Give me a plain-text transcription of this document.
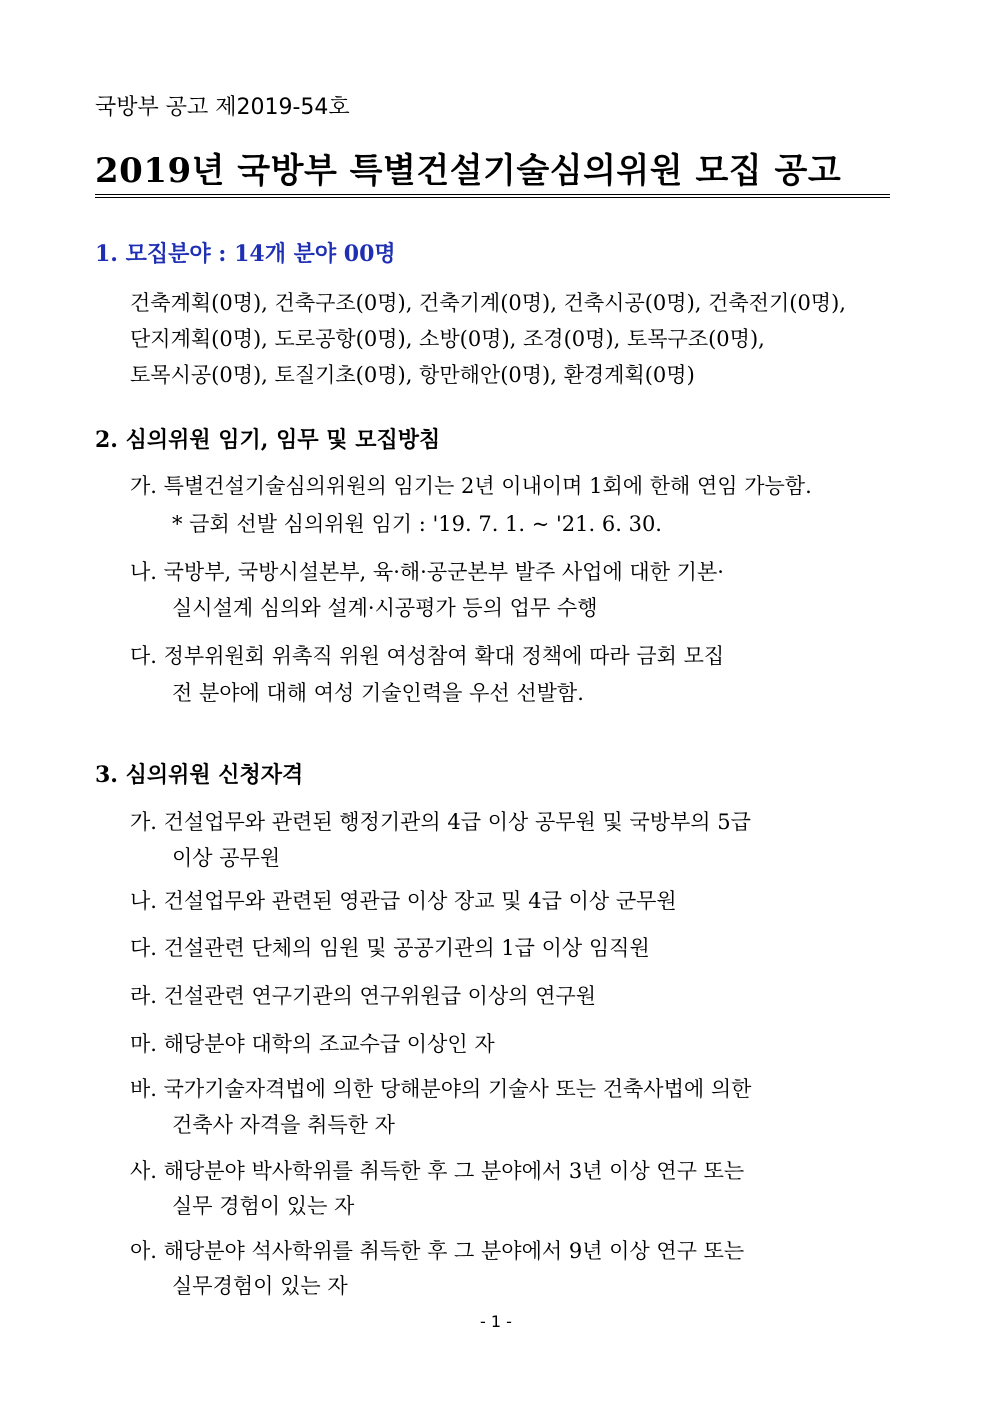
국방부 공고 제2019-54호
2019년 국방부 특별건설기술심의위원 모집 공고
1. 모집분야 : 14개 분야 00명
건축계획(0명), 건축구조(0명), 건축기계(0명), 건축시공(0명), 건축전기(0명),
단지계획(0명), 도로공항(0명), 소방(0명), 조경(0명), 토목구조(0명),
토목시공(0명), 토질기초(0명), 항만해안(0명), 환경계획(0명)
2. 심의위원 임기, 임무 및 모집방침
가. 특별건설기술심의위원의 임기는 2년 이내이며 1회에 한해 연임 가능함.
* 금회 선발 심의위원 임기 : '19. 7. 1. ~ '21. 6. 30.
나. 국방부, 국방시설본부, 육·해·공군본부 발주 사업에 대한 기본·
실시설계 심의와 설계·시공평가 등의 업무 수행
다. 정부위원회 위촉직 위원 여성참여 확대 정책에 따라 금회 모집
전 분야에 대해 여성 기술인력을 우선 선발함.
3. 심의위원 신청자격
가. 건설업무와 관련된 행정기관의 4급 이상 공무원 및 국방부의 5급
이상 공무원
나. 건설업무와 관련된 영관급 이상 장교 및 4급 이상 군무원
다. 건설관련 단체의 임원 및 공공기관의 1급 이상 임직원
라. 건설관련 연구기관의 연구위원급 이상의 연구원
마. 해당분야 대학의 조교수급 이상인 자
바. 국가기술자격법에 의한 당해분야의 기술사 또는 건축사법에 의한
건축사 자격을 취득한 자
사. 해당분야 박사학위를 취득한 후 그 분야에서 3년 이상 연구 또는
실무 경험이 있는 자
아. 해당분야 석사학위를 취득한 후 그 분야에서 9년 이상 연구 또는
실무경험이 있는 자
- 1 -
